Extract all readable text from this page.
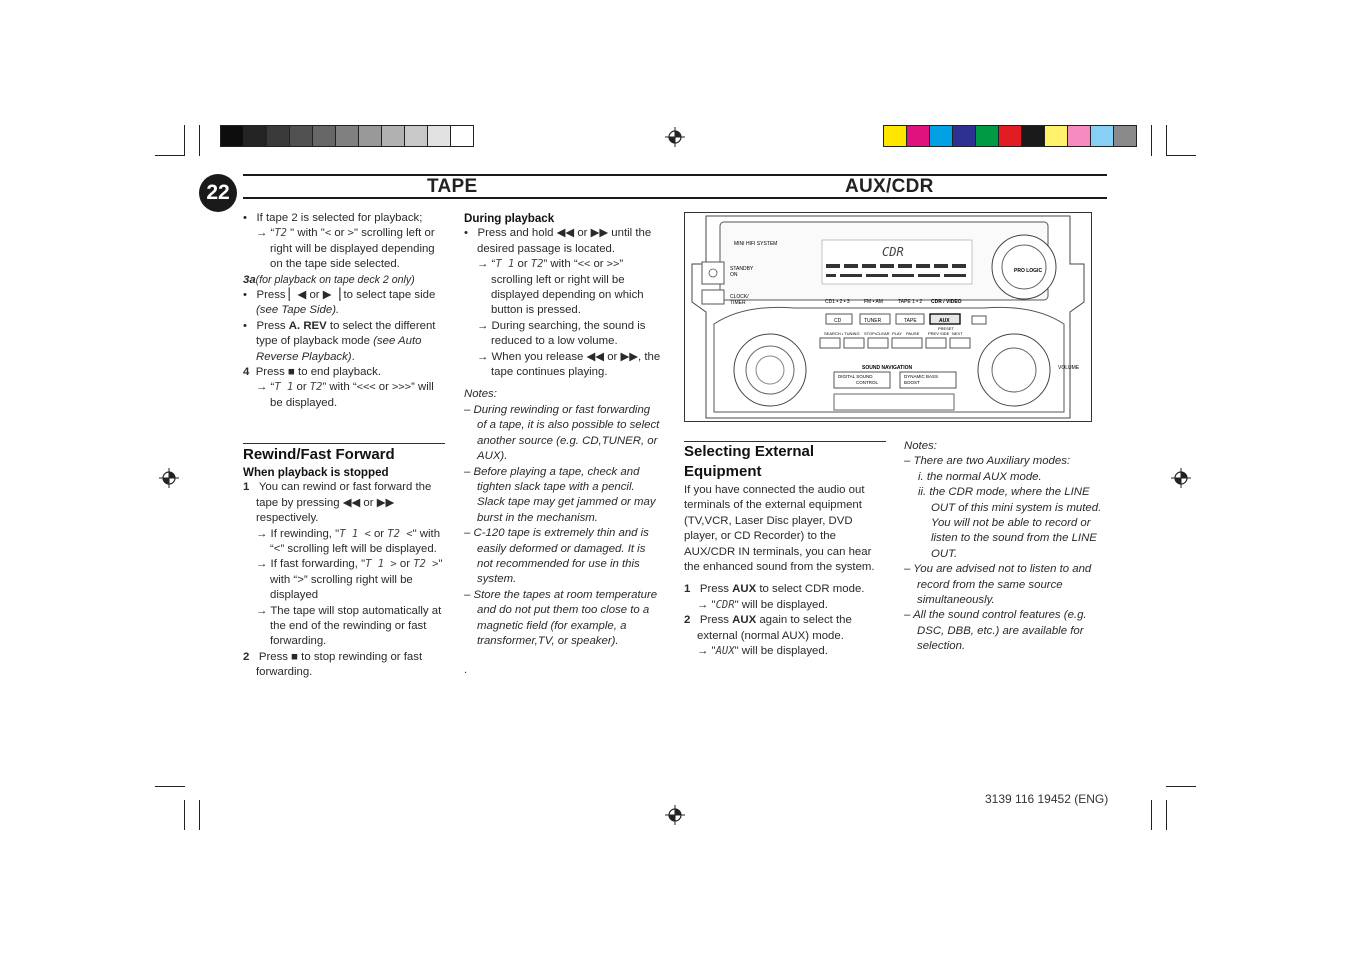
22	TAPE	AUX/CDR

•   If tape 2 is selected for playback;

→ “T2 " with "< or >" scrolling left or right will be displayed depending on the tape side selected.

3a(for playback on tape deck 2 only)

•   Press ▏◀ or ▶▕ to select tape side (see Tape Side).

•   Press A. REV to select the different type of playback mode (see Auto Reverse Playback).

4 Press ■ to end playback.

→ “T 1 or T2” with “<<< or >>>” will be displayed.

Rewind/Fast Forward

When playback is stopped

1 You can rewind or fast forward the tape by pressing ◀◀ or ▶▶ respectively.

→ If rewinding, "T 1 < or T2 <" with “<” scrolling left will be displayed.

→ If fast forwarding, "T 1 > or T2 >" with “>” scrolling right will be displayed

→ The tape will stop automatically at the end of the rewinding or fast forwarding.

2 Press ■ to stop rewinding or fast forwarding.

During playback

•   Press and hold ◀◀ or ▶▶ until the desired passage is located.

→ “T 1 or T2” with “<< or >>” scrolling left or right will be displayed depending on which button is pressed.

→ During searching, the sound is reduced to a low volume.

→ When you release ◀◀ or ▶▶, the tape continues playing.

Notes:

– During rewinding or fast forwarding of a tape, it is also possible to select another source (e.g. CD,TUNER, or AUX).

– Before playing a tape, check and tighten slack tape with a pencil. Slack tape may get jammed or may burst in the mechanism.

– C-120 tape is extremely thin and is easily deformed or damaged. It is not recommended for use in this system.

– Store the tapes at room temperature and do not put them too close to a magnetic field (for example, a transformer,TV, or speaker).

.

MINI HIFI SYSTEM
CDR
STANDBY
ON
CLOCK/
TIMER	CD1 • 2 • 3	FM • AM	TAPE 1 • 2 CDR / VIDEO
PRO LOGIC
CD	TUNER	TAPE	AUX
SEARCH • TUNING STOP•CLEAR PLAY PAUSE
PRESET
PREV SIDE NEXT
VOLUME
SOUND NAVIGATION
DIGITAL SOUND
CONTROL
DYNAMIC BASS
BOOST

Selecting External Equipment

If you have connected the audio out terminals of the external equipment (TV,VCR, Laser Disc player, DVD player, or CD Recorder) to the AUX/CDR IN terminals, you can hear the enhanced sound from the system.

1 Press AUX to select CDR mode.

→ "CDR" will be displayed.

2 Press AUX again to select the external (normal AUX) mode.

→ "AUX" will be displayed.

Notes:

– There are two Auxiliary modes:

i. the normal AUX mode.

ii. the CDR mode, where the LINE OUT of this mini system is muted. You will not be able to record or listen to the sound from the LINE OUT.

– You are advised not to listen to and record from the same source simultaneously.

– All the sound control features (e.g. DSC, DBB, etc.) are available for selection.

3139 116 19452 (ENG)
